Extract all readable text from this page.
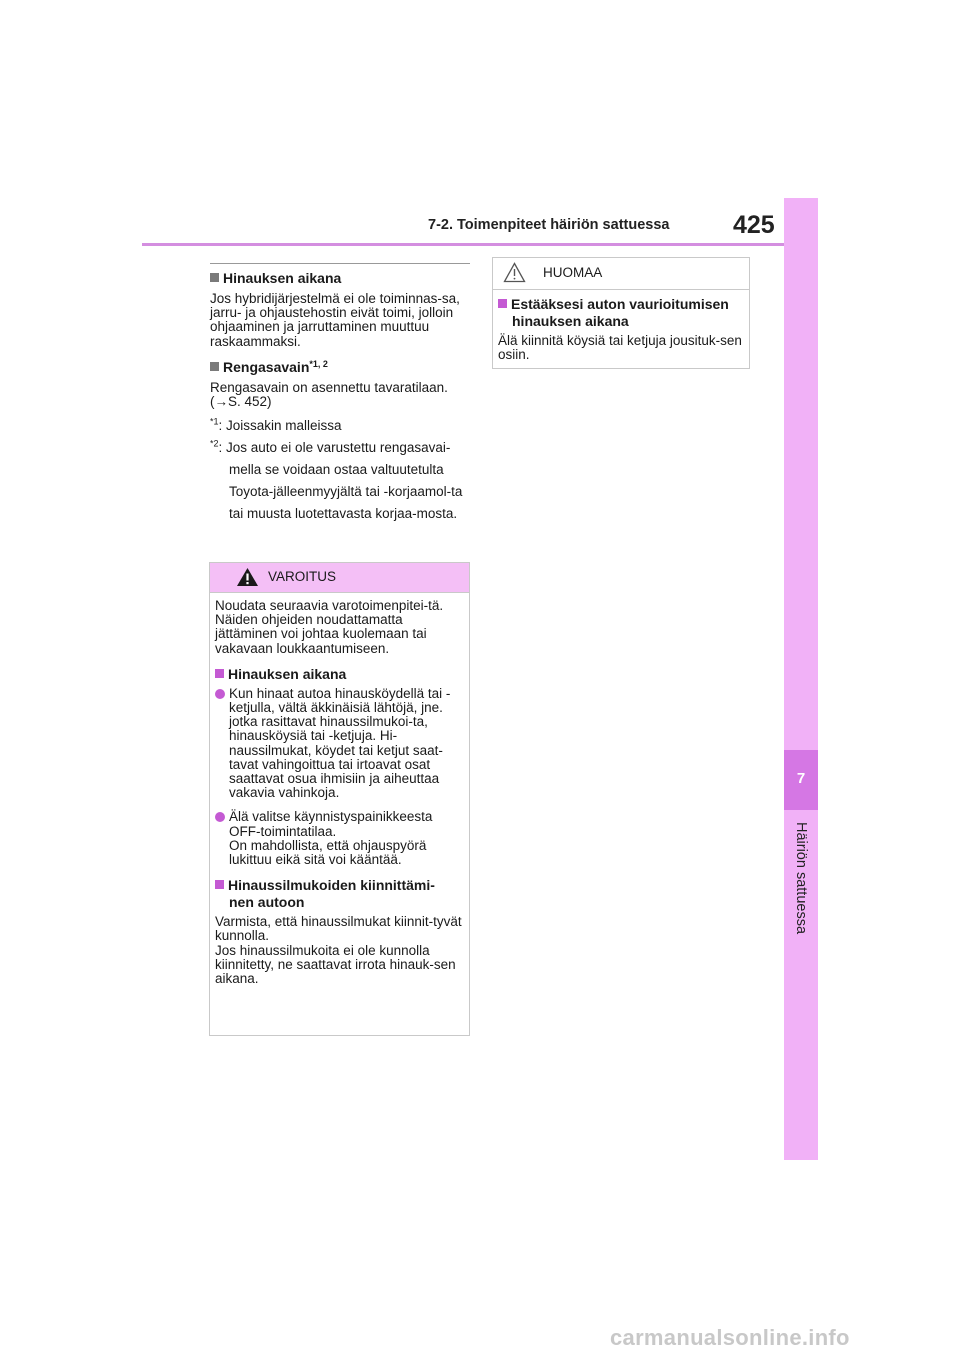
7-2. Toimenpiteet häiriön sattuessa	425
7
Häiriön sattuessa
Hinauksen aikana

Jos hybridijärjestelmä ei ole toiminnas-sa, jarru- ja ohjaustehostin eivät toimi, jolloin ohjaaminen ja jarruttaminen muuttuu raskaammaksi.

Rengasavain$^{*1, 2}$

Rengasavain on asennettu tavaratilaan.
(→S. 452)

$^{*1}$: Joissakin malleissa

$^{*2}$: Jos auto ei ole varustettu rengasavai-mella se voidaan ostaa valtuutetulta Toyota-jälleenmyyjältä tai -korjaamol-ta tai muusta luotettavasta korjaa-mosta.

VAROITUS

Noudata seuraavia varotoimenpitei-tä. Näiden ohjeiden noudattamatta jättäminen voi johtaa kuolemaan tai vakavaan loukkaantumiseen.

Hinauksen aikana
Kun hinaat autoa hinausköydellä tai -ketjulla, vältä äkkinäisiä lähtöjä, jne. jotka rasittavat hinaussilmukoi-ta, hinausköysiä tai -ketjuja. Hi-naussilmukat, köydet tai ketjut saat-tavat vahingoittua tai irtoavat osat saattavat osua ihmisiin ja aiheuttaa vakavia vahinkoja.
Älä valitse käynnistyspainikkeesta OFF-toimintatilaa.
On mahdollista, että ohjauspyörä lukittuu eikä sitä voi kääntää.
Hinaussilmukoiden kiinnittämi-
nen autoon

Varmista, että hinaussilmukat kiinnit-tyvät kunnolla.
Jos hinaussilmukoita ei ole kunnolla kiinnitetty, ne saattavat irrota hinauk-sen aikana.

HUOMAA
Estääksesi auton vaurioitumisen
hinauksen aikana

Älä kiinnitä köysiä tai ketjuja jousituk-sen osiin.

carmanualsonline.info
